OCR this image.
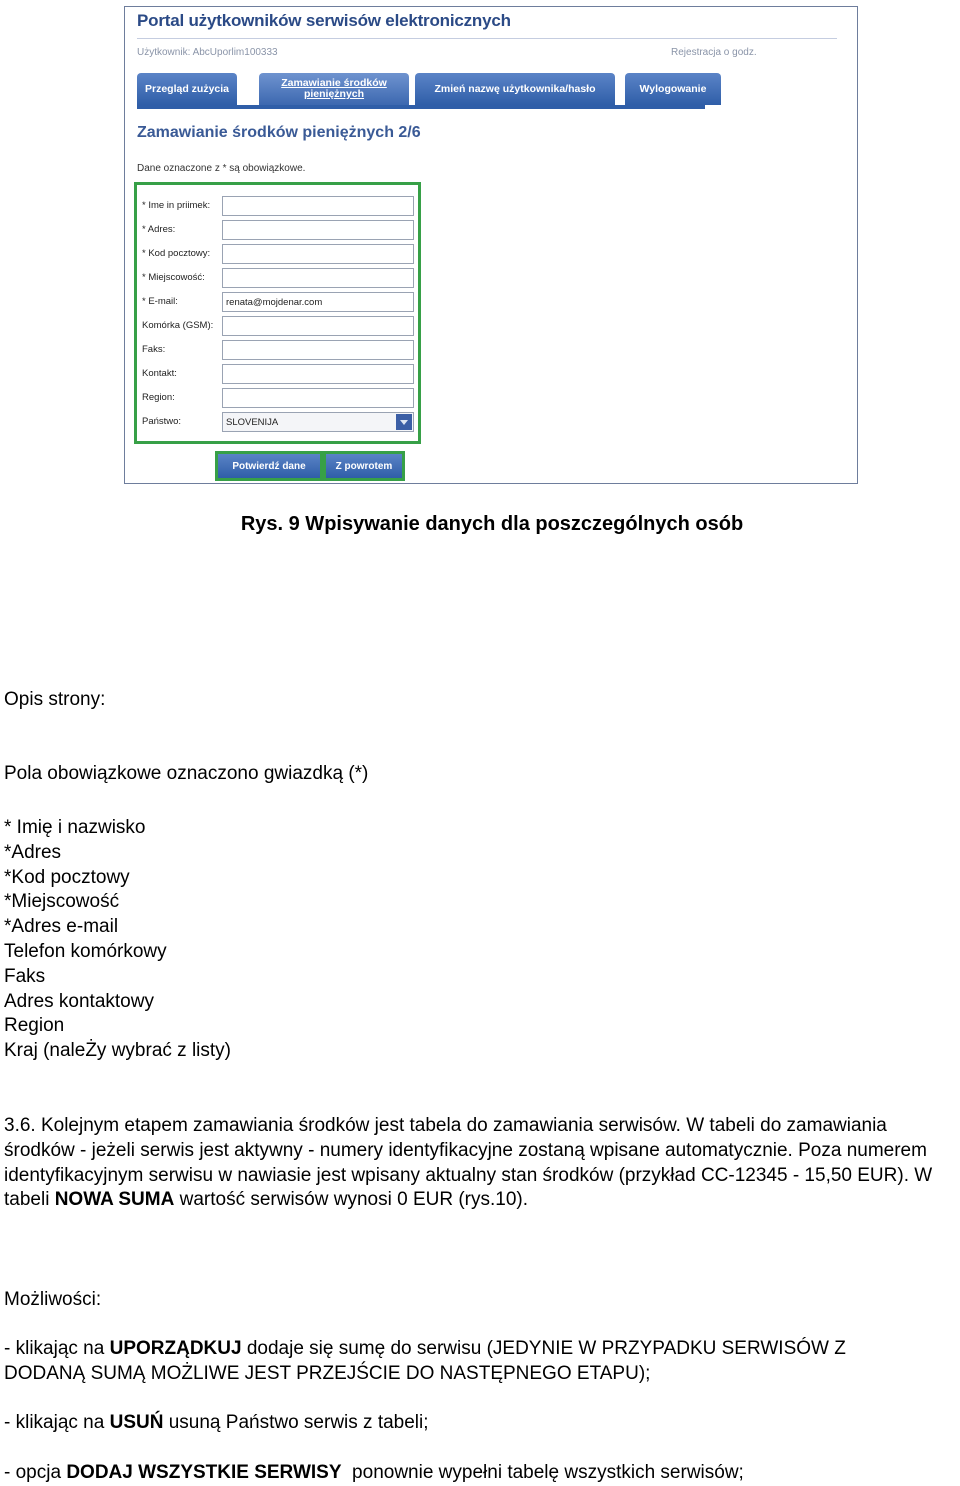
Portal użytkowników serwisów elektronicznych
Użytkownik: AbcUporlim100333	Rejestracja o godz.
Przegląd zużycia	Zamawianie środków pieniężnych	Zmień nazwę użytkownika/hasło	Wylogowanie
Zamawianie środków pieniężnych 2/6
Dane oznaczone z * są obowiązkowe.
* Ime in priimek:
* Adres:
* Kod pocztowy:
* Miejscowość:
* E-mail:	renata@mojdenar.com
Komórka (GSM):
Faks:
Kontakt:
Region:
Państwo:	SLOVENIJA
Potwierdź dane	Z powrotem
Rys. 9 Wpisywanie danych dla poszczególnych osób
Opis strony:
Pola obowiązkowe oznaczono gwiazdką (*)
* Imię i nazwisko
*Adres
*Kod pocztowy
*Miejscowość
*Adres e-mail
Telefon komórkowy
Faks
Adres kontaktowy
Region
Kraj (naleŻy wybrać z listy)
3.6. Kolejnym etapem zamawiania środków jest tabela do zamawiania serwisów. W tabeli do zamawiania środków - jeżeli serwis jest aktywny - numery identyfikacyjne zostaną wpisane automatycznie. Poza numerem identyfikacyjnym serwisu w nawiasie jest wpisany aktualny stan środków (przykład CC-12345 - 15,50 EUR). W tabeli NOWA SUMA wartość serwisów wynosi 0 EUR (rys.10).
Możliwości:
- klikając na UPORZĄDKUJ dodaje się sumę do serwisu (JEDYNIE W PRZYPADKU SERWISÓW Z DODANĄ SUMĄ MOŻLIWE JEST PRZEJŚCIE DO NASTĘPNEGO ETAPU);
- klikając na USUŃ usuną Państwo serwis z tabeli;
- opcja DODAJ WSZYSTKIE SERWISY  ponownie wypełni tabelę wszystkich serwisów;
